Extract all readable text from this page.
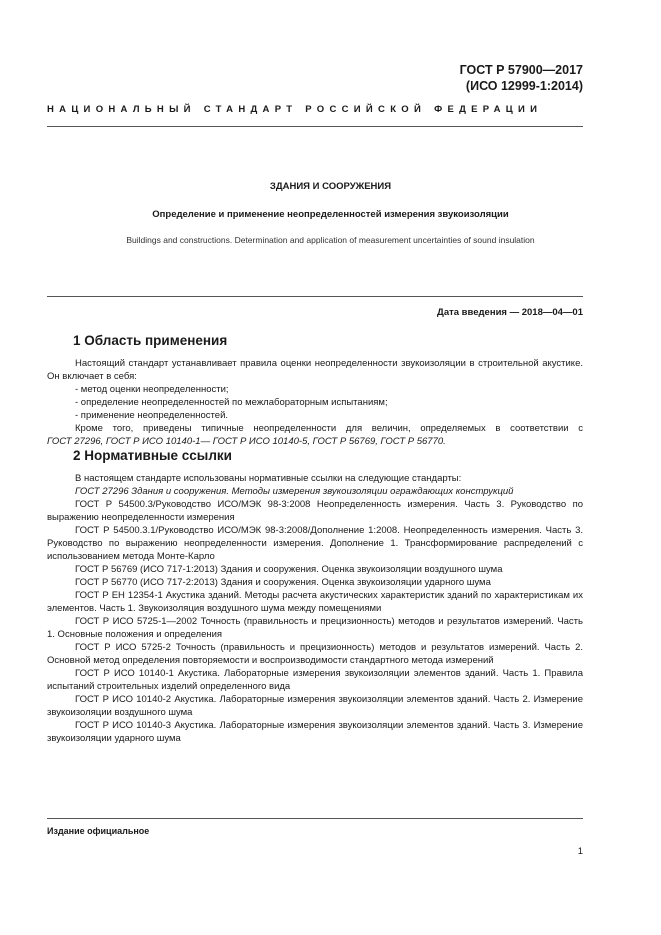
ГОСТ Р 57900—2017
(ИСО 12999-1:2014)
НАЦИОНАЛЬНЫЙ СТАНДАРТ РОССИЙСКОЙ ФЕДЕРАЦИИ
ЗДАНИЯ И СООРУЖЕНИЯ
Определение и применение неопределенностей измерения звукоизоляции
Buildings and constructions. Determination and application of measurement uncertainties of sound insulation
Дата введения — 2018—04—01
1 Область применения

Настоящий стандарт устанавливает правила оценки неопределенности звукоизоляции в строительной акустике. Он включает в себя:

- метод оценки неопределенности;

- определение неопределенностей по межлабораторным испытаниям;

- применение неопределенностей.

Кроме того, приведены типичные неопределенности для величин, определяемых в соответствии с

ГОСТ 27296, ГОСТ Р ИСО 10140-1— ГОСТ Р ИСО 10140-5, ГОСТ Р 56769, ГОСТ Р 56770.

2 Нормативные ссылки

В настоящем стандарте использованы нормативные ссылки на следующие стандарты:

ГОСТ 27296 Здания и сооружения. Методы измерения звукоизоляции ограждающих конструкций

ГОСТ Р 54500.3/Руководство ИСО/МЭК 98-3:2008 Неопределенность измерения. Часть 3. Руководство по выражению неопределенности измерения

ГОСТ Р 54500.3.1/Руководство ИСО/МЭК 98-3:2008/Дополнение 1:2008. Неопределенность измерения. Часть 3. Руководство по выражению неопределенности измерения. Дополнение 1. Трансформирование распределений с использованием метода Монте-Карло

ГОСТ Р 56769 (ИСО 717-1:2013) Здания и сооружения. Оценка звукоизоляции воздушного шума

ГОСТ Р 56770 (ИСО 717-2:2013) Здания и сооружения. Оценка звукоизоляции ударного шума

ГОСТ Р ЕН 12354-1 Акустика зданий. Методы расчета акустических характеристик зданий по характеристикам их элементов. Часть 1. Звукоизоляция воздушного шума между помещениями

ГОСТ Р ИСО 5725-1—2002 Точность (правильность и прецизионность) методов и результатов измерений. Часть 1. Основные положения и определения

ГОСТ Р ИСО 5725-2 Точность (правильность и прецизионность) методов и результатов измерений. Часть 2. Основной метод определения повторяемости и воспроизводимости стандартного метода измерений

ГОСТ Р ИСО 10140-1 Акустика. Лабораторные измерения звукоизоляции элементов зданий. Часть 1. Правила испытаний строительных изделий определенного вида

ГОСТ Р ИСО 10140-2 Акустика. Лабораторные измерения звукоизоляции элементов зданий. Часть 2. Измерение звукоизоляции воздушного шума

ГОСТ Р ИСО 10140-3 Акустика. Лабораторные измерения звукоизоляции элементов зданий. Часть 3. Измерение звукоизоляции ударного шума

Издание официальное
1
